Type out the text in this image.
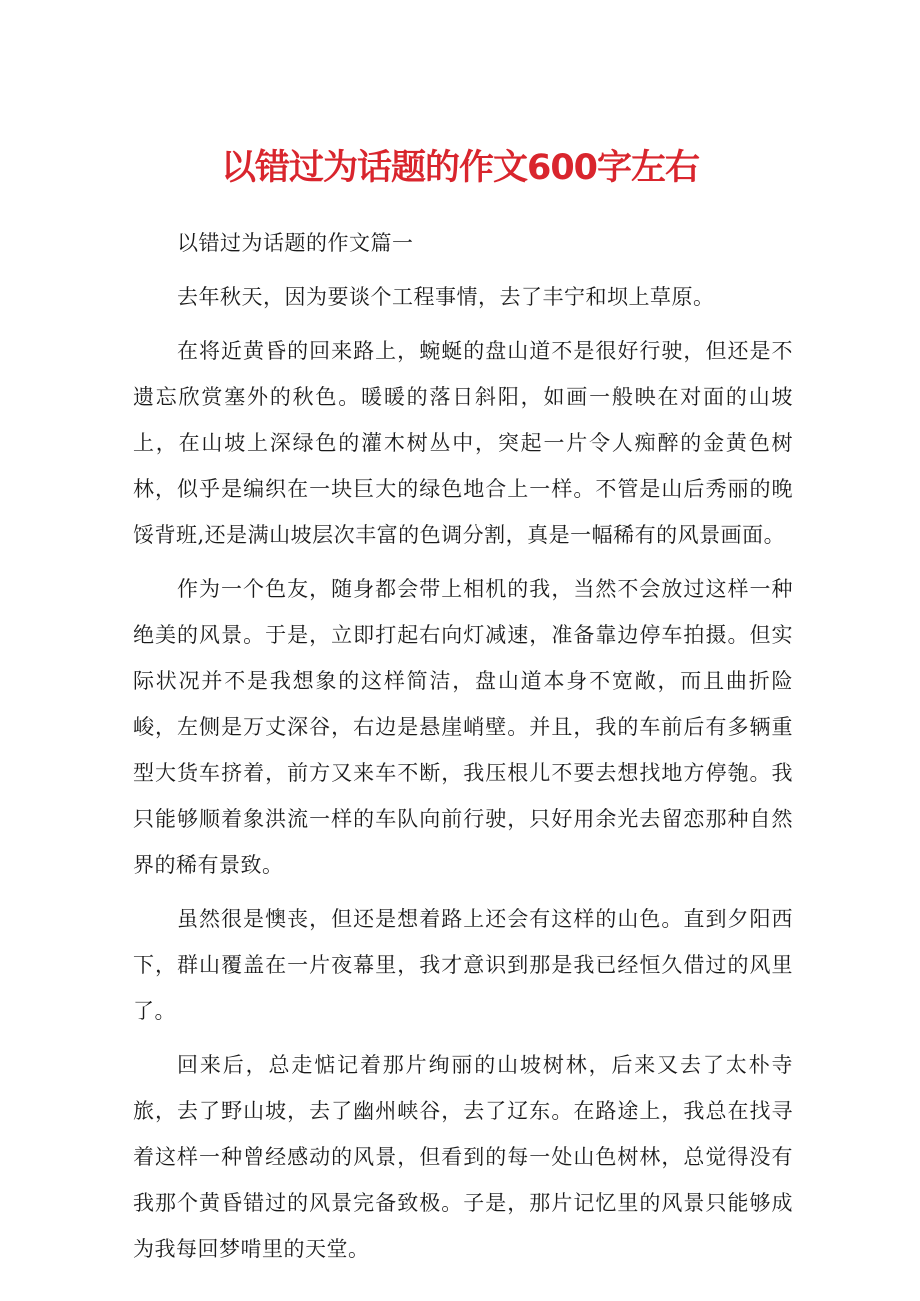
以错过为话题的作文600字左右

以错过为话题的作文篇一

去年秋天，因为要谈个工程事情，去了丰宁和坝上草原。

在将近黄昏的回来路上，蜿蜒的盘山道不是很好行驶，但还是不遗忘欣赏塞外的秋色。暖暖的落日斜阳，如画一般映在对面的山坡上，在山坡上深绿色的灌木树丛中，突起一片令人痴醉的金黄色树林，似乎是编织在一块巨大的绿色地合上一样。不管是山后秀丽的晚馁背班,还是满山坡层次丰富的色调分割，真是一幅稀有的风景画面。

作为一个色友，随身都会带上相机的我，当然不会放过这样一种绝美的风景。于是，立即打起右向灯减速，准备靠边停车拍摄。但实际状况并不是我想象的这样简洁，盘山道本身不宽敞，而且曲折险峻，左侧是万丈深谷，右边是悬崖峭壁。并且，我的车前后有多辆重型大货车挤着，前方又来车不断，我压根儿不要去想找地方停匏。我只能够顺着象洪流一样的车队向前行驶，只好用余光去留恋那种自然界的稀有景致。

虽然很是懊丧，但还是想着路上还会有这样的山色。直到夕阳西下，群山覆盖在一片夜幕里，我才意识到那是我已经恒久借过的风里了。

回来后，总走惦记着那片绚丽的山坡树林，后来又去了太朴寺旅，去了野山坡，去了幽州峡谷，去了辽东。在路途上，我总在找寻着这样一种曾经感动的风景，但看到的每一处山色树林，总觉得没有我那个黄昏错过的风景完备致极。子是，那片记忆里的风景只能够成为我每回梦啃里的天堂。
